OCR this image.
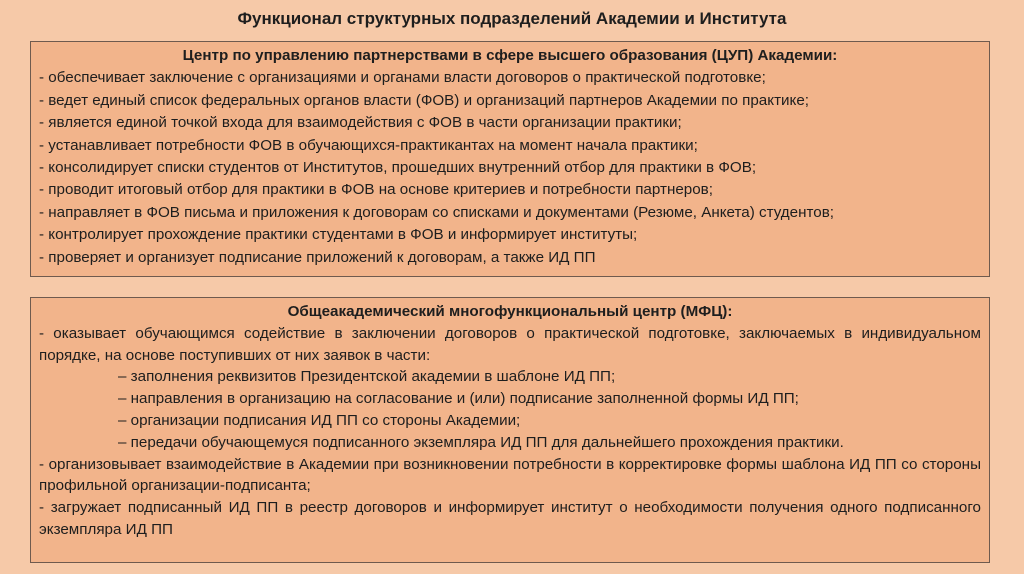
Функционал структурных подразделений Академии и Института
Центр по управлению партнерствами в сфере высшего образования (ЦУП) Академии:
- обеспечивает заключение с организациями и органами власти договоров о практической подготовке;
- ведет единый список федеральных органов власти (ФОВ) и организаций партнеров Академии по практике;
- является единой точкой входа для взаимодействия с ФОВ в части организации практики;
- устанавливает потребности ФОВ в обучающихся-практикантах на момент начала практики;
- консолидирует списки студентов от Институтов, прошедших внутренний отбор для практики в ФОВ;
- проводит итоговый отбор для практики в ФОВ на основе критериев и потребности партнеров;
- направляет в ФОВ письма и приложения к договорам со списками и документами (Резюме, Анкета) студентов;
- контролирует прохождение практики студентами в ФОВ и информирует институты;
- проверяет и организует подписание приложений к договорам, а также ИД ПП
Общеакадемический многофункциональный центр (МФЦ):
- оказывает обучающимся содействие в заключении договоров о практической подготовке, заключаемых в индивидуальном порядке, на основе поступивших от них заявок в части:
– заполнения реквизитов Президентской академии в шаблоне ИД ПП;
– направления в организацию на согласование и (или) подписание заполненной формы ИД ПП;
– организации подписания ИД ПП со стороны Академии;
– передачи обучающемуся подписанного экземпляра ИД ПП для дальнейшего прохождения практики.
- организовывает взаимодействие в Академии при возникновении потребности в корректировке формы шаблона ИД ПП со стороны профильной организации-подписанта;
- загружает подписанный ИД ПП в реестр договоров и информирует институт о необходимости получения одного подписанного экземпляра ИД ПП
